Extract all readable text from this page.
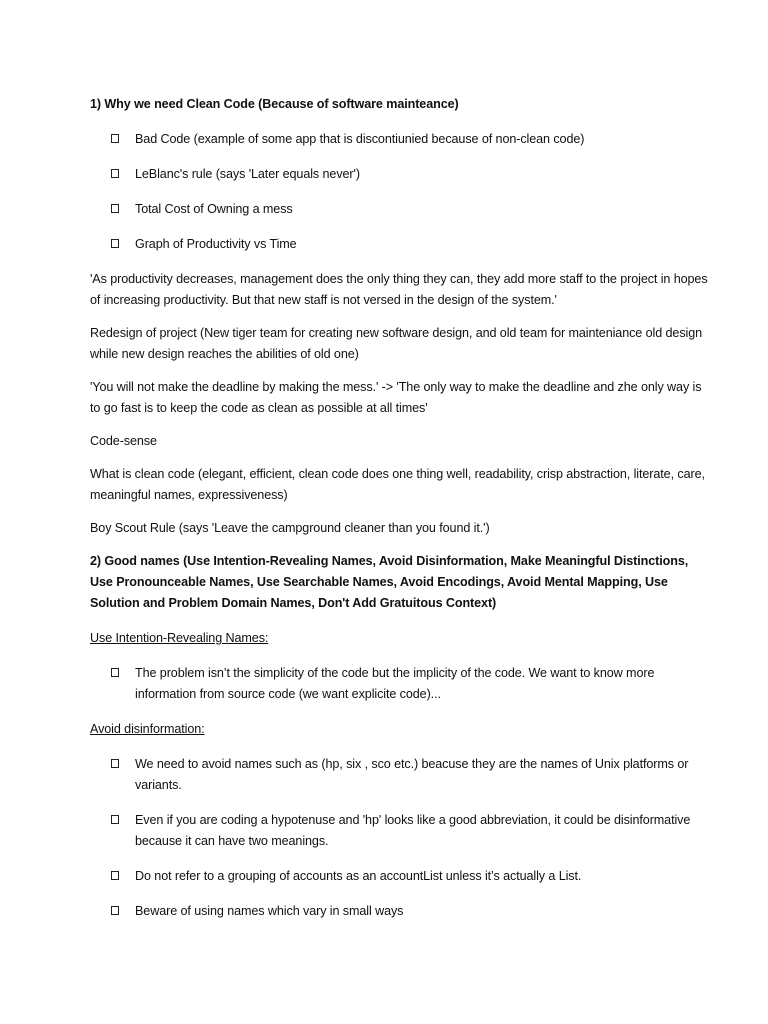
1) Why we need Clean Code (Because of software mainteance)
Bad Code (example of some app that is discontiunied because of non-clean code)
LeBlanc's rule (says 'Later equals never')
Total Cost of Owning a mess
Graph of Productivity vs Time

'As productivity decreases, management does the only thing they can, they add more staff to the project in hopes of increasing productivity. But that new staff is not versed in the design of the system.'

Redesign of project (New tiger team for creating new software design, and old team for mainteniance old design while new design reaches the abilities of old one)

'You will not make the deadline by making the mess.' -> 'The only way to make the deadline and zhe only way is to go fast is to keep the code as clean as possible at all times'

Code-sense

What is clean code (elegant, efficient, clean code does one thing well, readability, crisp abstraction, literate, care, meaningful names, expressiveness)

Boy Scout Rule (says 'Leave the campground cleaner than you found it.')

2) Good names (Use Intention-Revealing Names, Avoid Disinformation, Make Meaningful Distinctions, Use Pronounceable Names, Use Searchable Names, Avoid Encodings, Avoid Mental Mapping, Use Solution and Problem Domain Names, Don't Add Gratuitous Context)
Use Intention-Revealing Names:
The problem isn’t the simplicity of the code but the implicity of the code. We want to know more information from source code (we want explicite code)...
Avoid disinformation:
We need to avoid names such as (hp, six , sco etc.) beacuse they are the names of Unix platforms or variants.
Even if you are coding a hypotenuse and 'hp' looks like a good abbreviation, it could be disinformative because it can have two meanings.
Do not refer to a grouping of accounts as an accountList unless it’s actually a List.
Beware of using names which vary in small ways
